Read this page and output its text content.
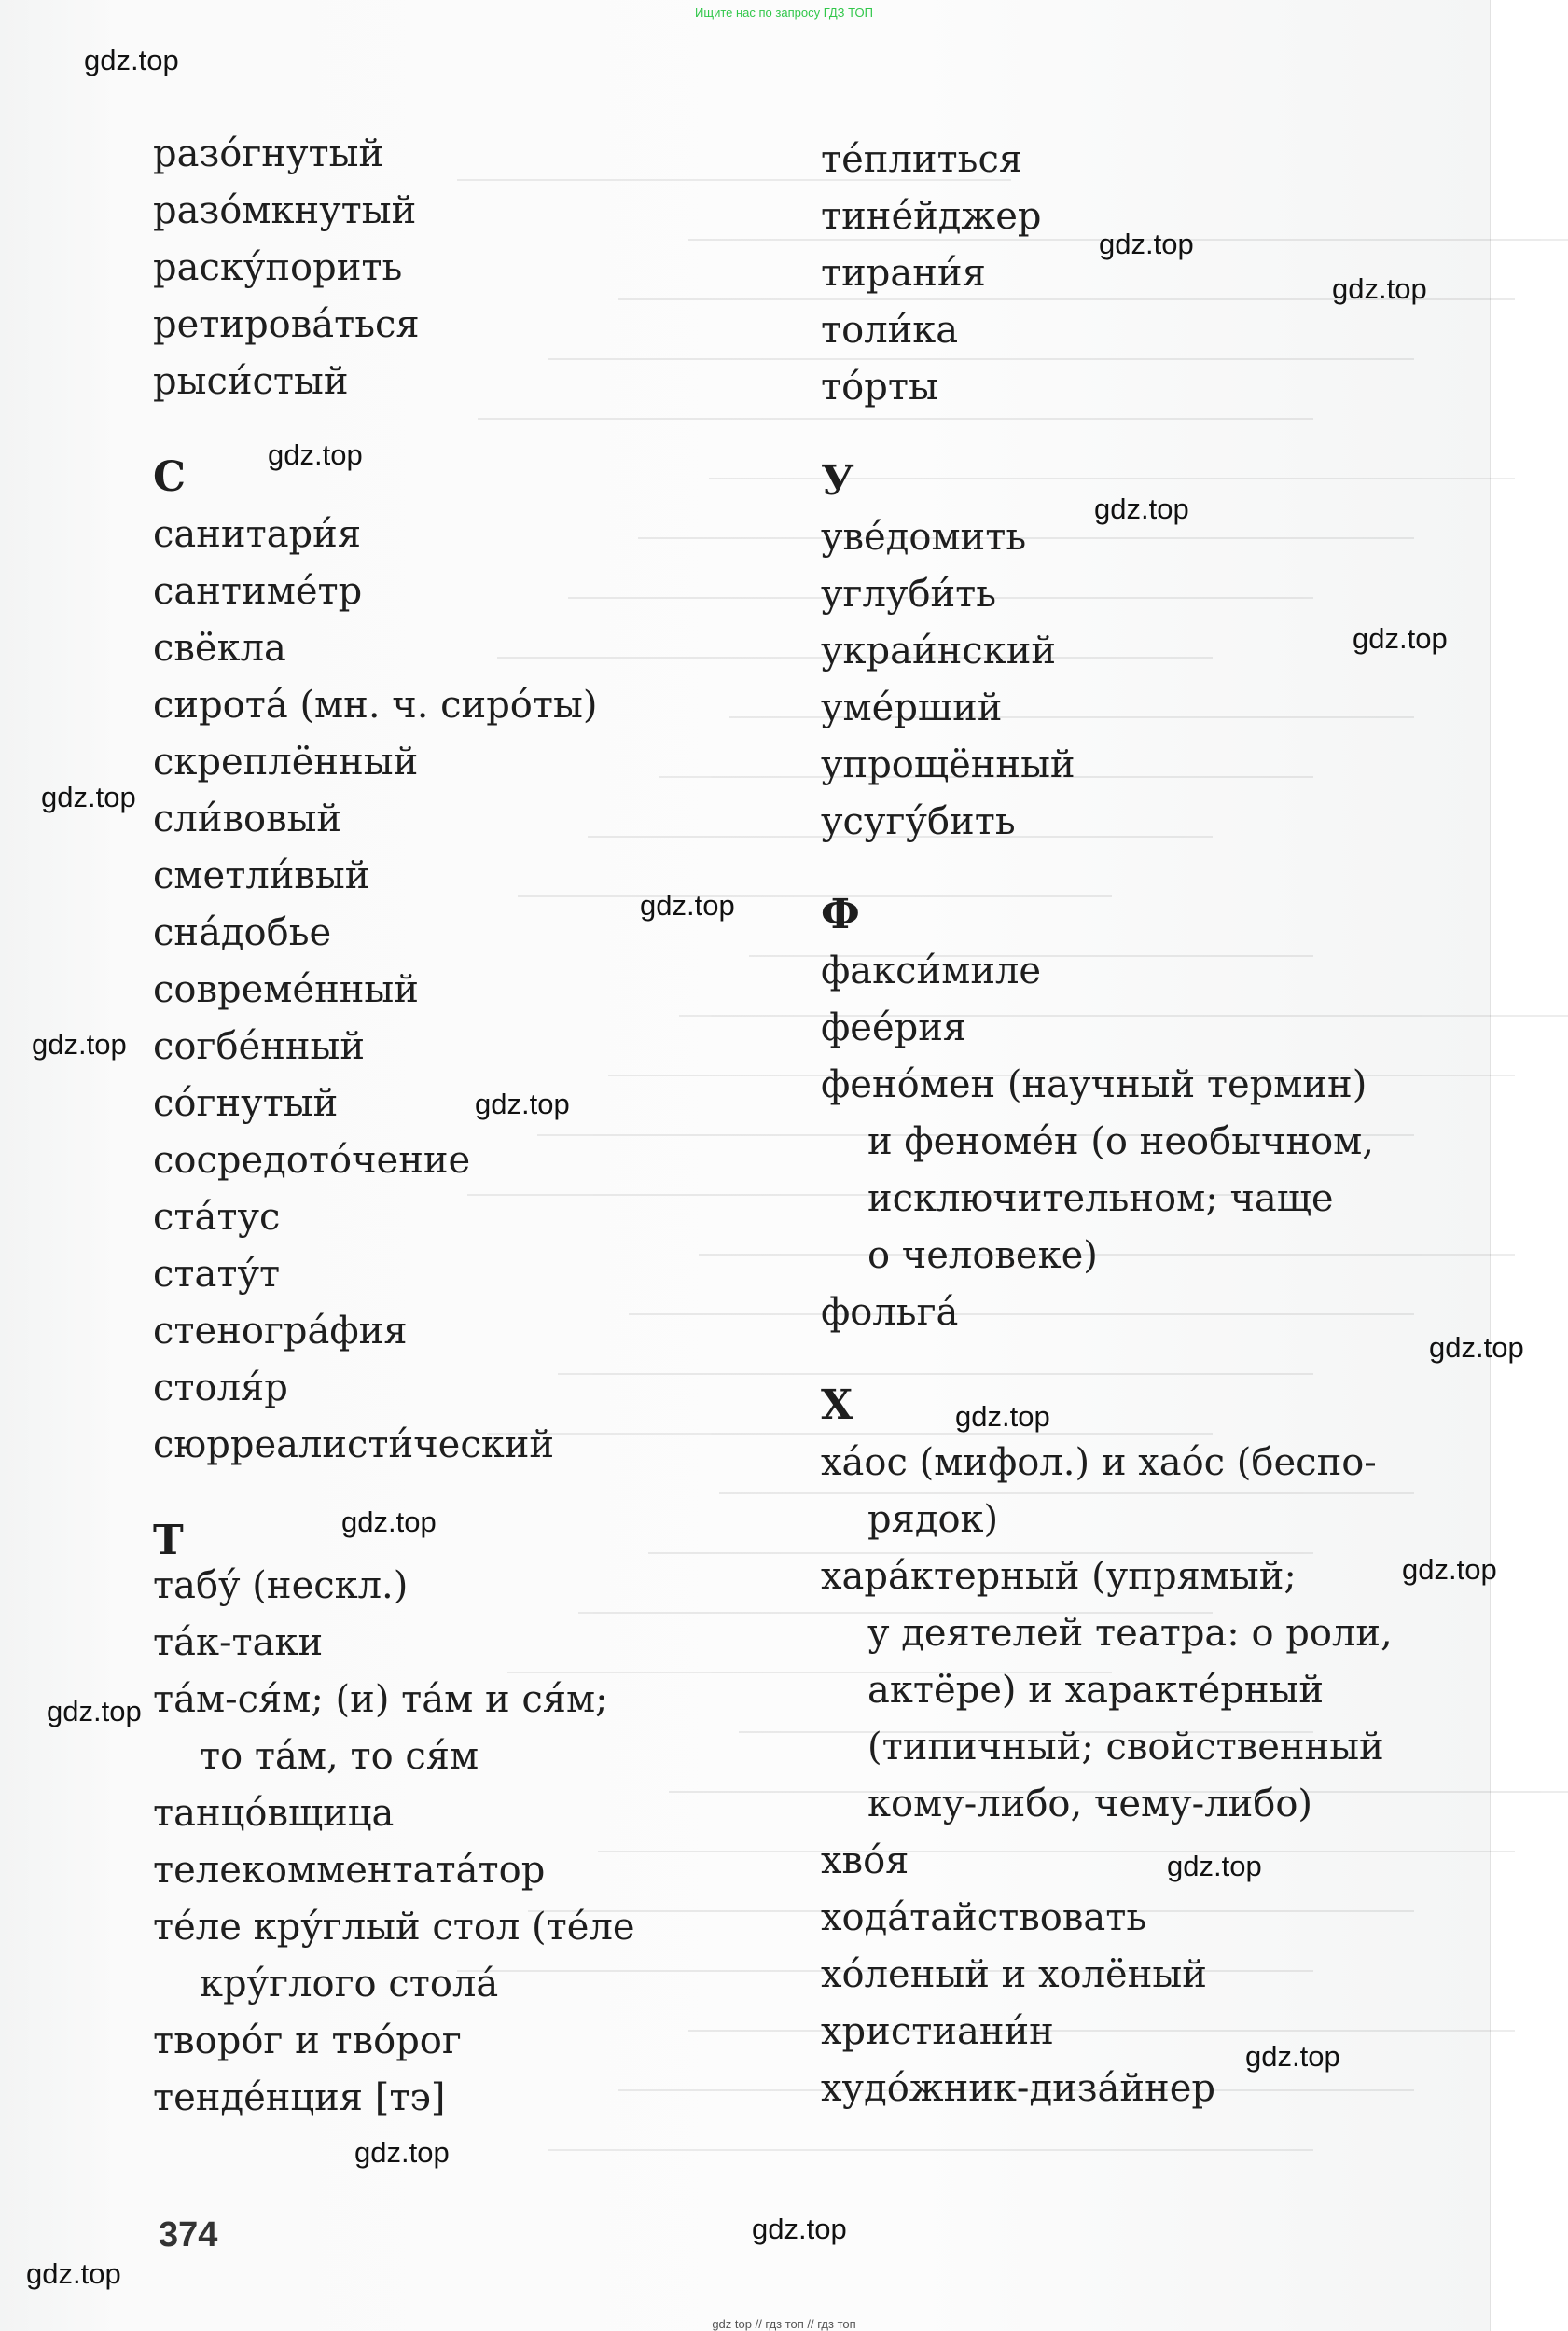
Ищите нас по запросу ГДЗ ТОП
разо́гнутый
разо́мкнутый
раску́порить
ретирова́ться
рыси́стый
С
санитари́я
сантиме́тр
свёкла
сирота́ (мн. ч. сиро́ты)
скреплённый
сли́вовый
сметли́вый
сна́добье
совреме́нный
согбе́нный
со́гнутый
сосредото́чение
ста́тус
стату́т
стеногра́фия
столя́р
сюрреалисти́ческий
Т
табу́ (нескл.)
та́к-таки
та́м-ся́м; (и) та́м и ся́м;
то та́м, то ся́м
танцо́вщица
телекомментата́тор
те́ле кру́глый стол (те́ле
кру́глого стола́
творо́г и тво́рог
тенде́нция [тэ]
те́плиться
тине́йджер
тирани́я
толи́ка
то́рты
У
уве́домить
углуби́ть
украи́нский
уме́рший
упрощённый
усугу́бить
Ф
факси́миле
фее́рия
фено́мен (научный термин)
и феноме́н (о необычном,
исключительном; чаще
о человеке)
фольга́
Х
ха́ос (мифол.) и хао́с (беспо-
рядок)
хара́ктерный (упрямый;
у деятелей театра: о роли,
актёре) и характе́рный
(типичный; свойственный
кому-либо, чему-либо)
хво́я
хода́тайствовать
хо́леный и холёный
христиани́н
худо́жник-диза́йнер
374
gdz.top
gdz.top
gdz.top
gdz.top
gdz.top
gdz.top
gdz.top
gdz.top
gdz.top
gdz.top
gdz.top
gdz.top
gdz.top
gdz.top
gdz.top
gdz.top
gdz.top
gdz.top
gdz.top
gdz.top
gdz top // гдз топ // гдз топ
